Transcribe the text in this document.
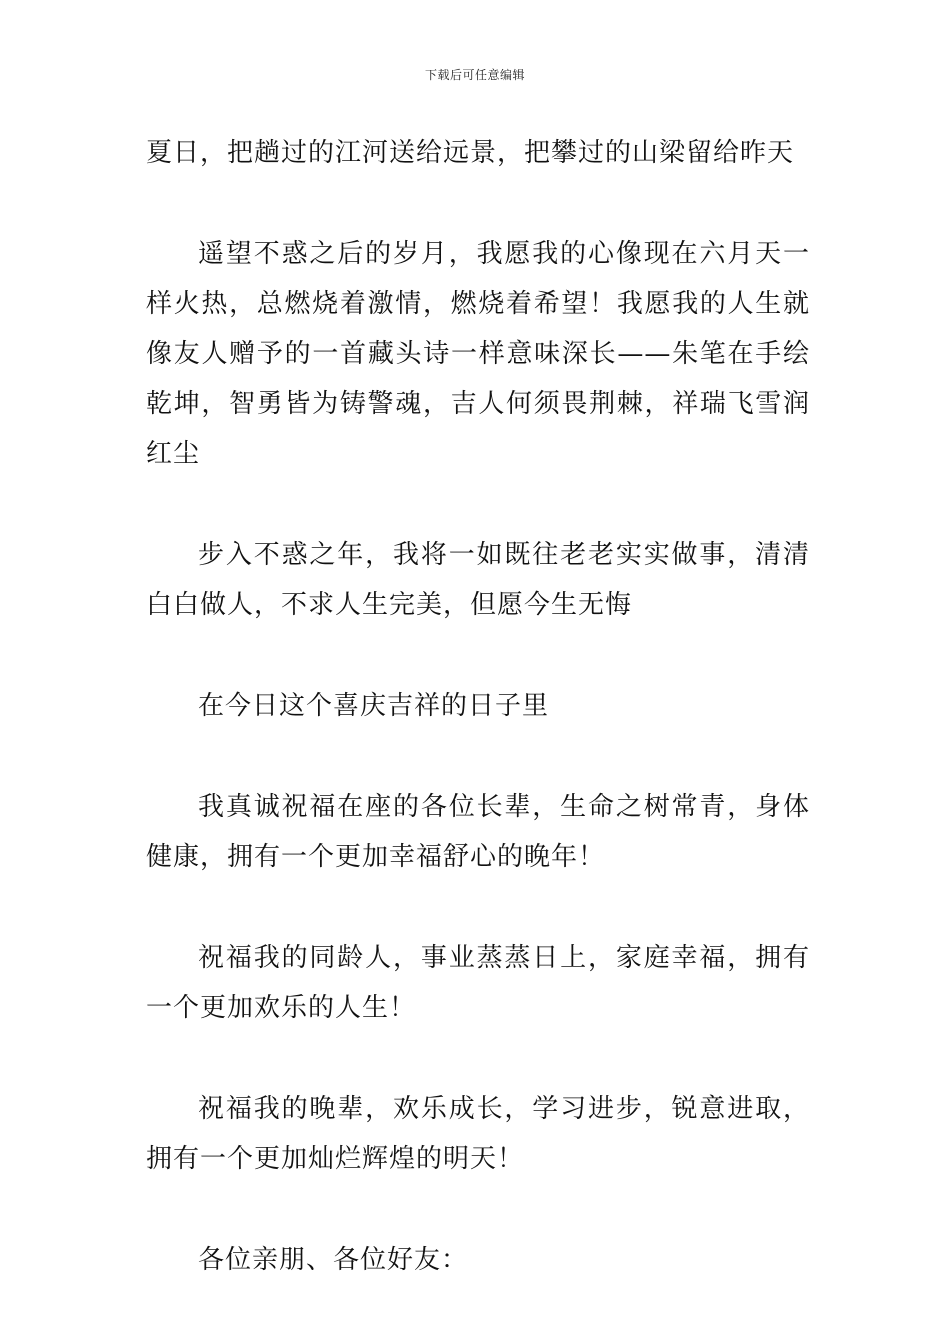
下载后可任意编辑

夏日，把趟过的江河送给远景，把攀过的山梁留给昨天

遥望不惑之后的岁月，我愿我的心像现在六月天一样火热，总燃烧着激情，燃烧着希望！我愿我的人生就像友人赠予的一首藏头诗一样意味深长——朱笔在手绘乾坤，智勇皆为铸警魂，吉人何须畏荆棘，祥瑞飞雪润红尘

步入不惑之年，我将一如既往老老实实做事，清清白白做人，不求人生完美，但愿今生无悔

在今日这个喜庆吉祥的日子里

我真诚祝福在座的各位长辈，生命之树常青，身体健康，拥有一个更加幸福舒心的晚年！

祝福我的同龄人，事业蒸蒸日上，家庭幸福，拥有一个更加欢乐的人生！

祝福我的晚辈，欢乐成长，学习进步，锐意进取，拥有一个更加灿烂辉煌的明天！

各位亲朋、各位好友：
